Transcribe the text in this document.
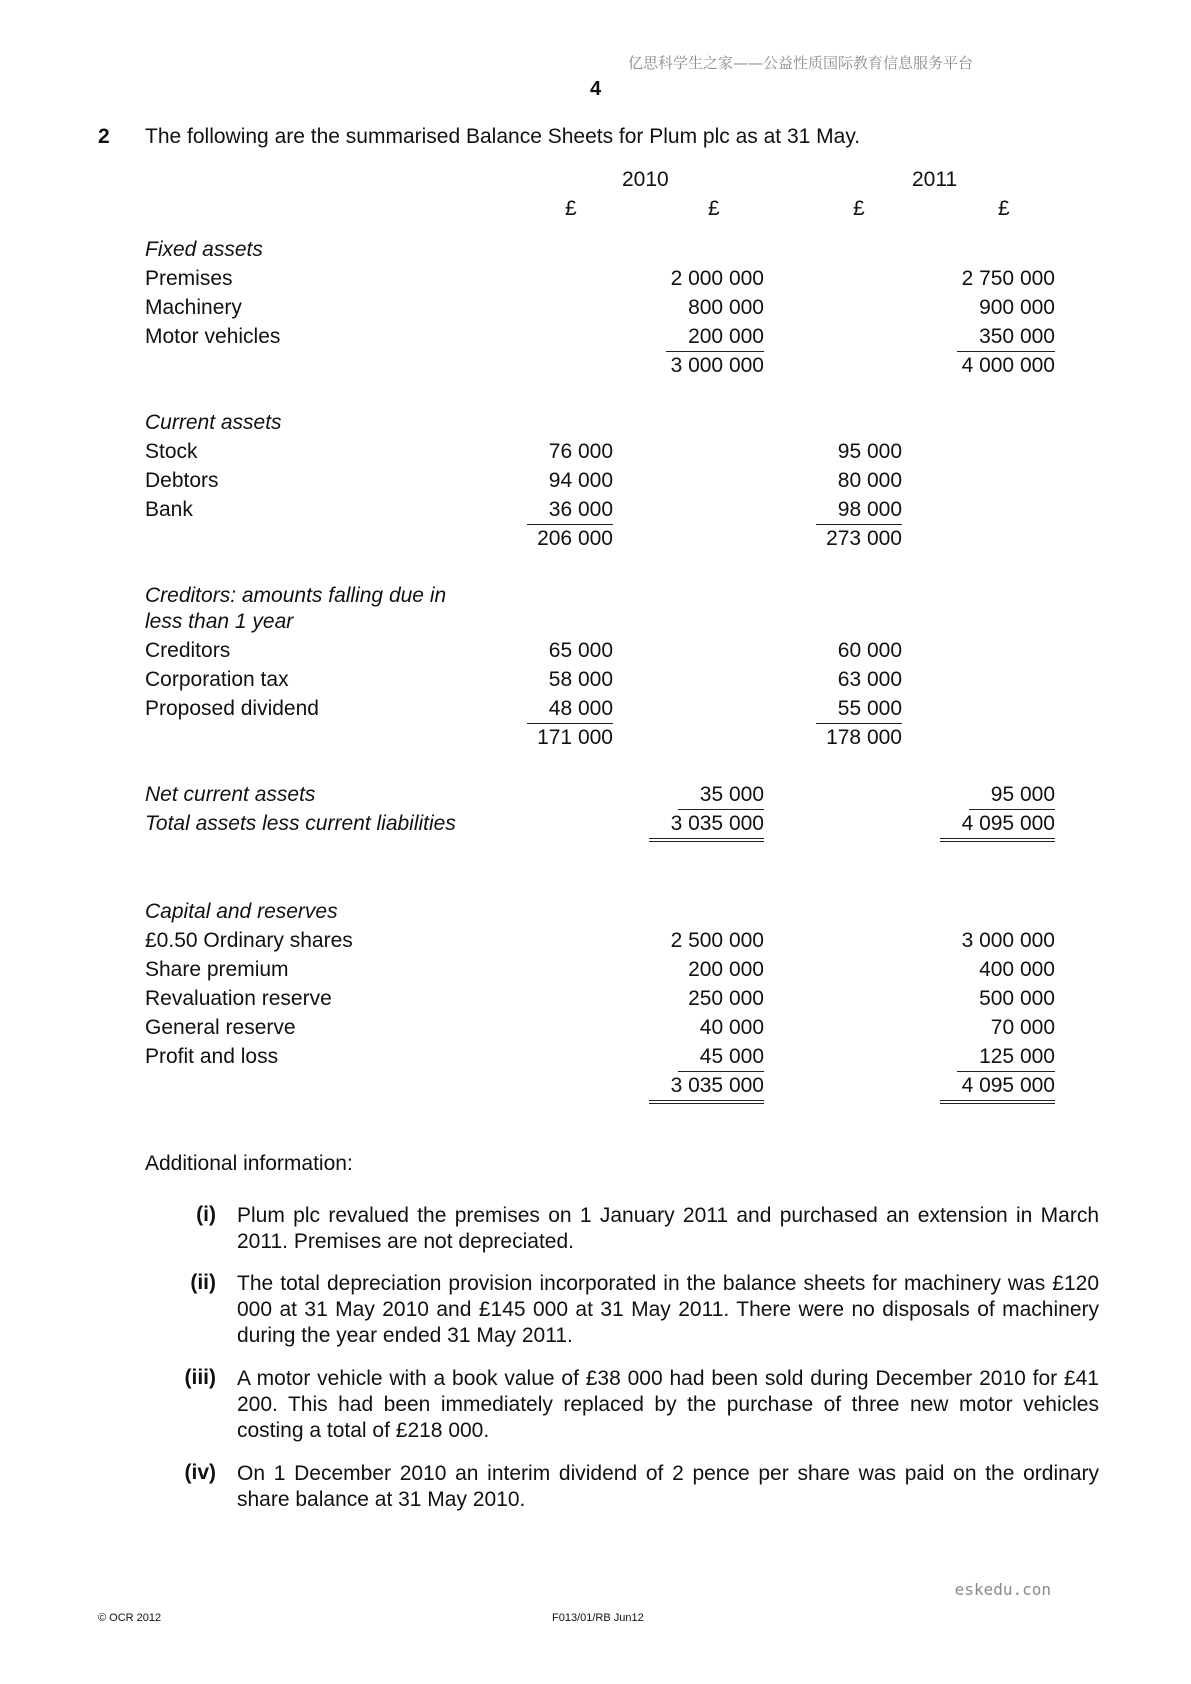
亿思科学生之家——公益性质国际教育信息服务平台
4
2 The following are the summarised Balance Sheets for Plum plc as at 31 May.
2010	2011
£	£	£	£
Fixed assets
Premises	2 000 000	2 750 000
Machinery	800 000	900 000
Motor vehicles	200 000	350 000
3 000 000	4 000 000
Current assets
Stock	76 000	95 000
Debtors	94 000	80 000
Bank	36 000	98 000
206 000	273 000
Creditors: amounts falling due in
less than 1 year
Creditors	65 000	60 000
Corporation tax	58 000	63 000
Proposed dividend	48 000	55 000
171 000	178 000
Net current assets	35 000	95 000
Total assets less current liabilities	3 035 000	4 095 000
Capital and reserves
£0.50 Ordinary shares	2 500 000	3 000 000
Share premium	200 000	400 000
Revaluation reserve	250 000	500 000
General reserve	40 000	70 000
Profit and loss	45 000	125 000
3 035 000	4 095 000
Additional information:
(i) Plum plc revalued the premises on 1 January 2011 and purchased an extension in March 2011. Premises are not depreciated.
(ii) The total depreciation provision incorporated in the balance sheets for machinery was £120 000 at 31 May 2010 and £145 000 at 31 May 2011. There were no disposals of machinery during the year ended 31 May 2011.
(iii) A motor vehicle with a book value of £38 000 had been sold during December 2010 for £41 200. This had been immediately replaced by the purchase of three new motor vehicles costing a total of £218 000.
(iv) On 1 December 2010 an interim dividend of 2 pence per share was paid on the ordinary share balance at 31 May 2010.
eskedu.con
© OCR 2012	F013/01/RB Jun12
